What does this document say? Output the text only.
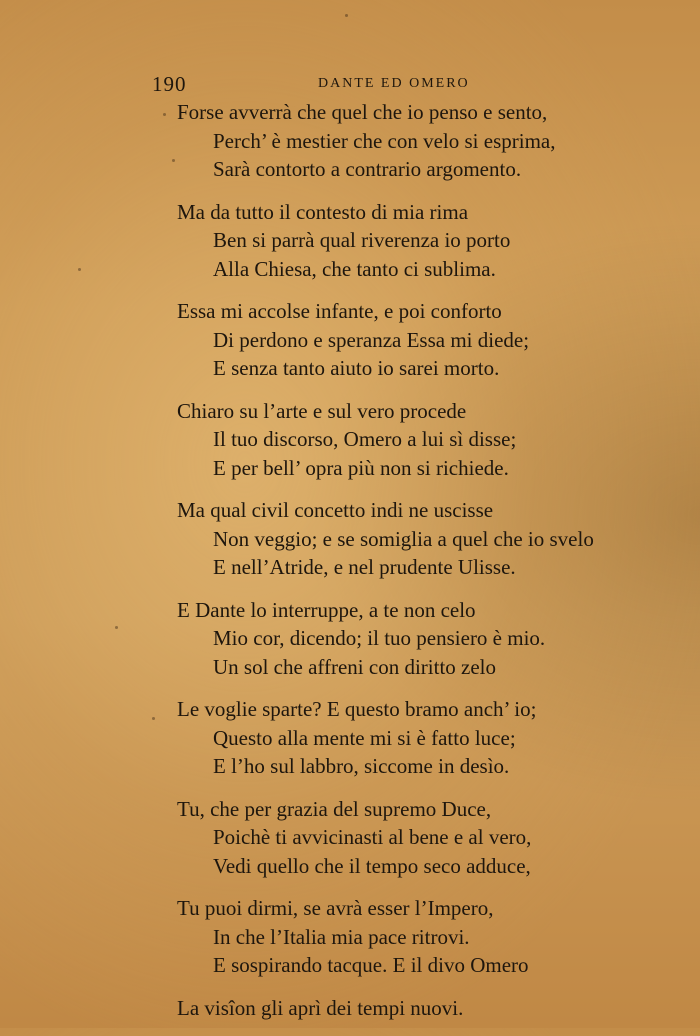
190	DANTE ED OMERO
Forse avverrà che quel che io penso e sento,
Perch’ è mestier che con velo si esprima,
Sarà contorto a contrario argomento.
Ma da tutto il contesto di mia rima
Ben si parrà qual riverenza io porto
Alla Chiesa, che tanto ci sublima.
Essa mi accolse infante, e poi conforto
Di perdono e speranza Essa mi diede;
E senza tanto aiuto io sarei morto.
Chiaro su l’arte e sul vero procede
Il tuo discorso, Omero a lui sì disse;
E per bell’ opra più non si richiede.
Ma qual civil concetto indi ne uscisse
Non veggio; e se somiglia a quel che io svelo
E nell’Atride, e nel prudente Ulisse.
E Dante lo interruppe, a te non celo
Mio cor, dicendo; il tuo pensiero è mio.
Un sol che affreni con diritto zelo
Le voglie sparte? E questo bramo anch’ io;
Questo alla mente mi si è fatto luce;
E l’ho sul labbro, siccome in desìo.
Tu, che per grazia del supremo Duce,
Poichè ti avvicinasti al bene e al vero,
Vedi quello che il tempo seco adduce,
Tu puoi dirmi, se avrà esser l’Impero,
In che l’Italia mia pace ritrovi.
E sospirando tacque. E il divo Omero
La visîon gli aprì dei tempi nuovi.
